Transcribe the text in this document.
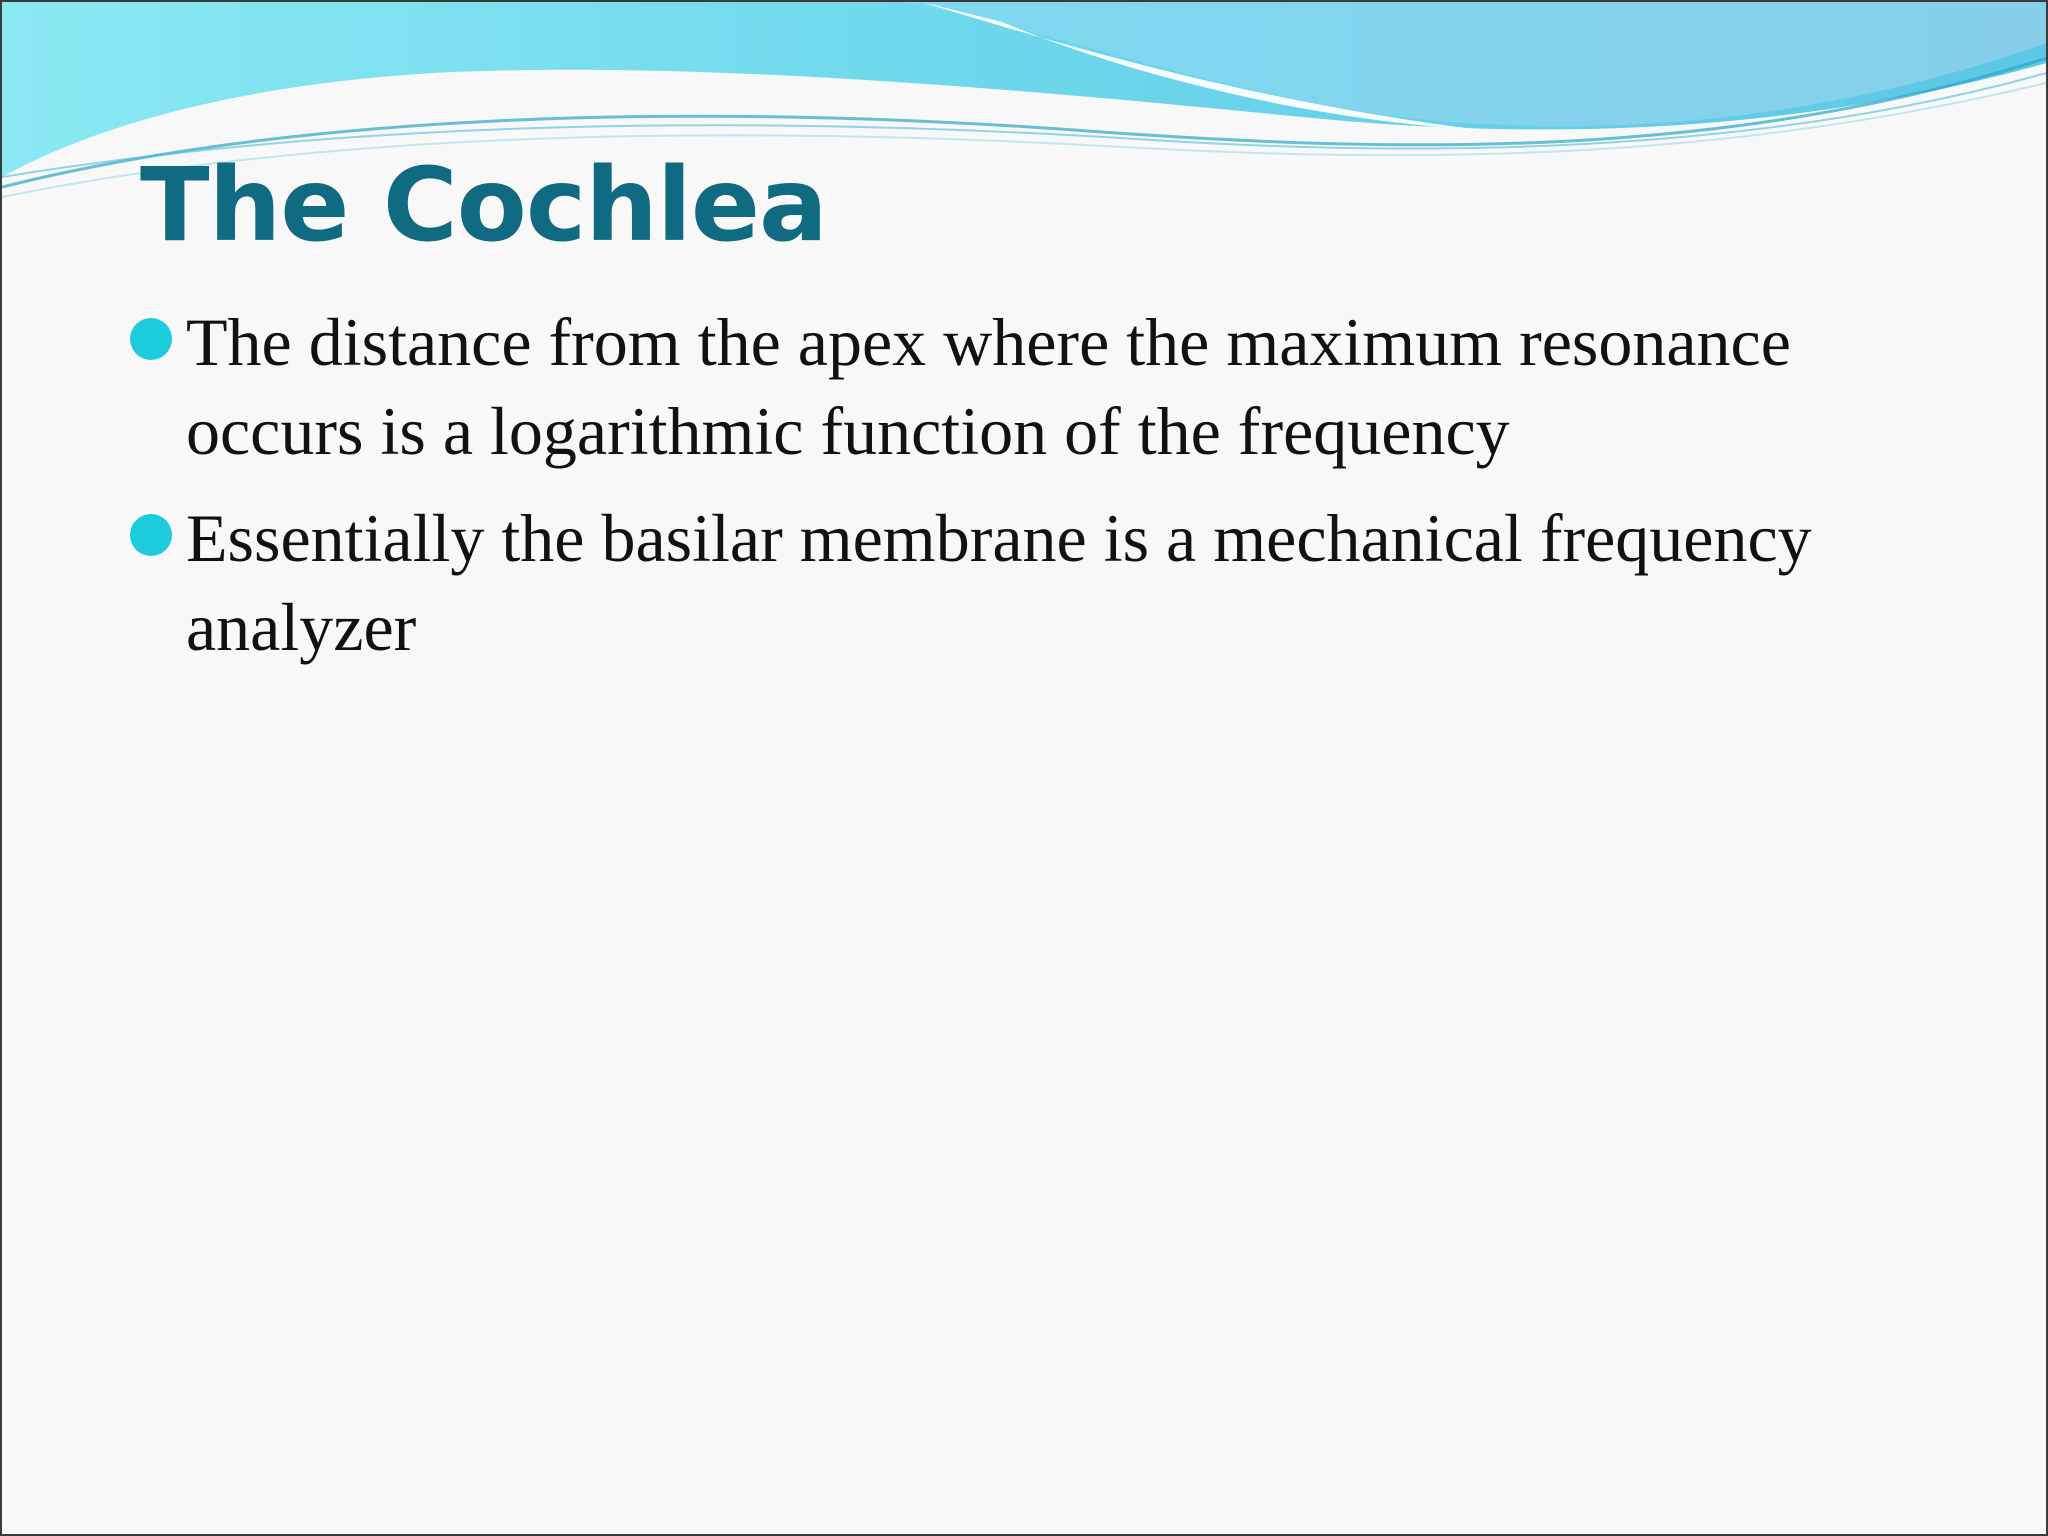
The Cochlea
The distance from the apex where the maximum resonance occurs is a logarithmic function of the frequency
Essentially the basilar membrane is a mechanical frequency analyzer
